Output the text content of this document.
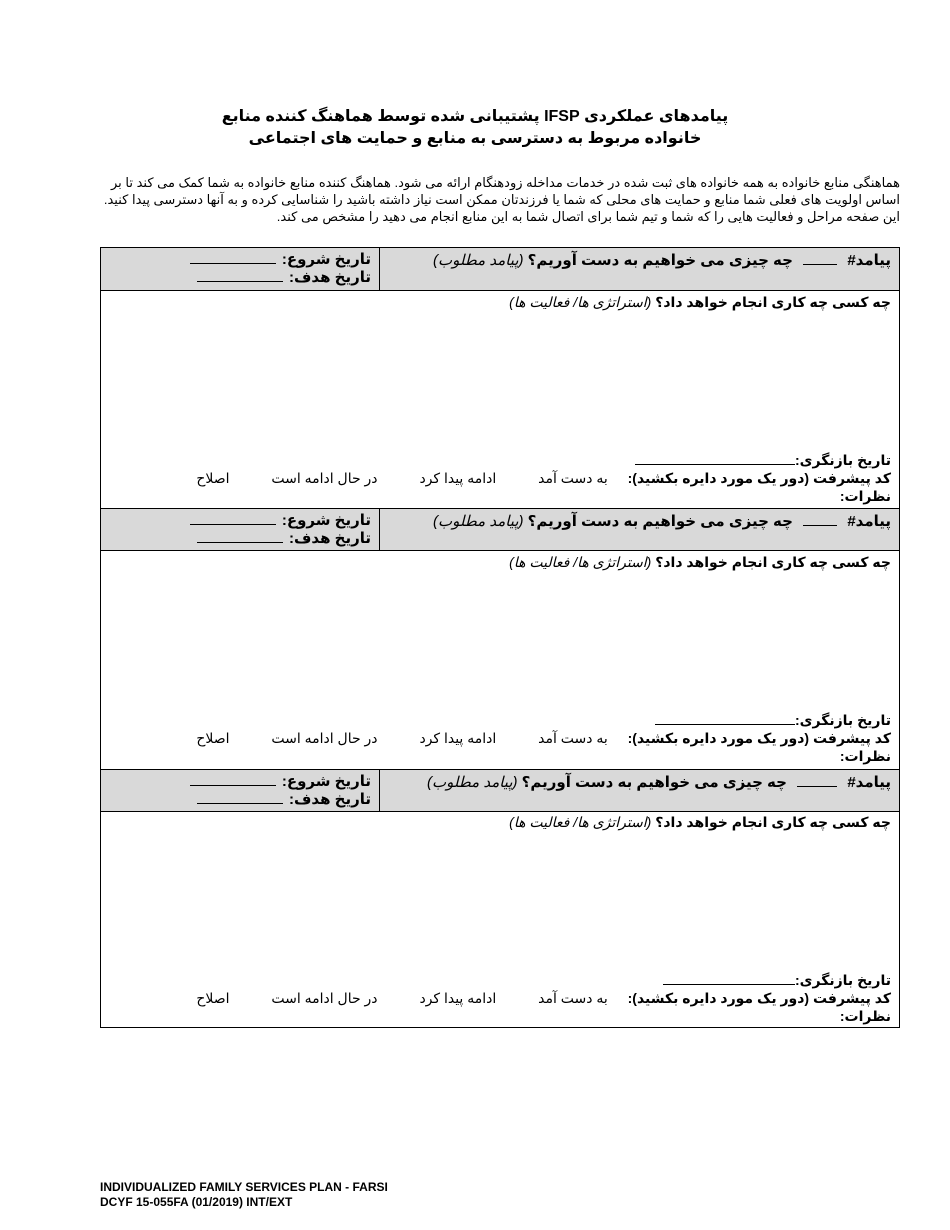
پیامدهای عملکردی IFSP پشتیبانی شده توسط هماهنگ کننده منابع
خانواده مربوط به دسترسی به منابع و حمایت های اجتماعی
هماهنگی منابع خانواده به همه خانواده های ثبت شده در خدمات مداخله زودهنگام ارائه می شود. هماهنگ کننده منابع خانواده به شما کمک می کند تا بر اساس اولویت های فعلی شما منابع و حمایت های محلی که شما یا فرزندتان ممکن است نیاز داشته باشید را شناسایی کرده و به آنها دسترسی پیدا کنید. این صفحه مراحل و فعالیت هایی را که شما و تیم شما برای اتصال شما به این منابع انجام می دهید را مشخص می کند.
پیامد#  چه چیزی می خواهیم به دست آوریم؟ (پیامد مطلوب)
تاریخ شروع:
تاریخ هدف:
چه کسی چه کاری انجام خواهد داد؟ (استراتژی ها/ فعالیت ها)
تاریخ بازنگری:
کد پیشرفت (دور یک مورد دایره بکشید): به دست آمد ادامه پیدا کرد در حال ادامه است اصلاح
نظرات:
پیامد#  چه چیزی می خواهیم به دست آوریم؟ (پیامد مطلوب)
تاریخ شروع:
تاریخ هدف:
چه کسی چه کاری انجام خواهد داد؟ (استراتژی ها/ فعالیت ها)
تاریخ بازنگری:
کد پیشرفت (دور یک مورد دایره بکشید): به دست آمد ادامه پیدا کرد در حال ادامه است اصلاح
نظرات:
پیامد#  چه چیزی می خواهیم به دست آوریم؟ (پیامد مطلوب)
تاریخ شروع:
تاریخ هدف:
چه کسی چه کاری انجام خواهد داد؟ (استراتژی ها/ فعالیت ها)
تاریخ بازنگری:
کد پیشرفت (دور یک مورد دایره بکشید): به دست آمد ادامه پیدا کرد در حال ادامه است اصلاح
نظرات:
INDIVIDUALIZED FAMILY SERVICES PLAN - FARSI
DCYF 15-055FA (01/2019) INT/EXT
